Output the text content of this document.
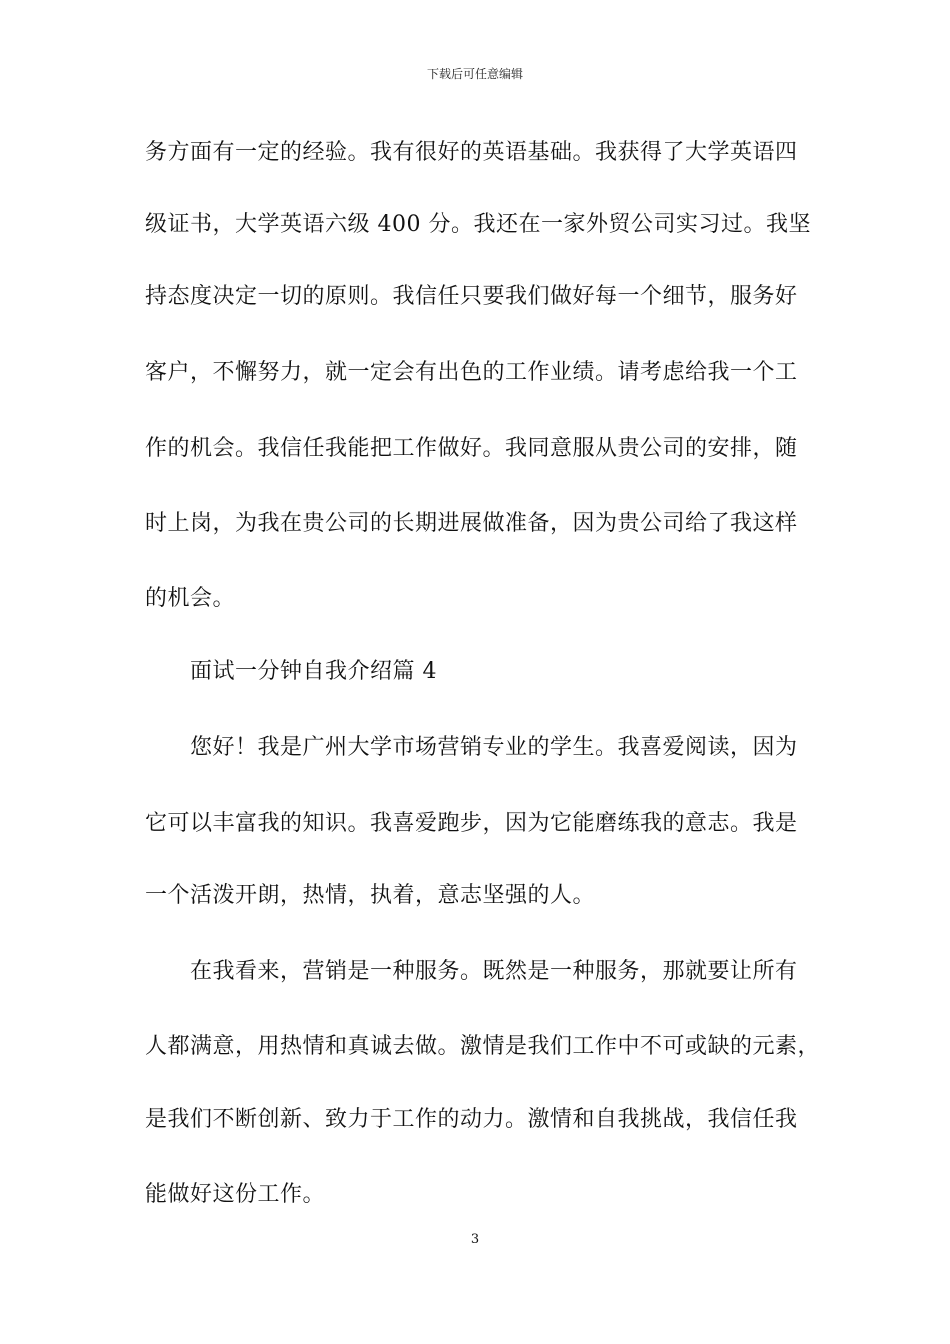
下载后可任意编辑
务方面有一定的经验。我有很好的英语基础。我获得了大学英语四
级证书，大学英语六级 400 分。我还在一家外贸公司实习过。我坚
持态度决定一切的原则。我信任只要我们做好每一个细节，服务好
客户，不懈努力，就一定会有出色的工作业绩。请考虑给我一个工
作的机会。我信任我能把工作做好。我同意服从贵公司的安排，随
时上岗，为我在贵公司的长期进展做准备，因为贵公司给了我这样
的机会。
面试一分钟自我介绍篇 4
您好！我是广州大学市场营销专业的学生。我喜爱阅读，因为
它可以丰富我的知识。我喜爱跑步，因为它能磨练我的意志。我是
一个活泼开朗，热情，执着，意志坚强的人。
在我看来，营销是一种服务。既然是一种服务，那就要让所有
人都满意，用热情和真诚去做。激情是我们工作中不可或缺的元素，
是我们不断创新、致力于工作的动力。激情和自我挑战，我信任我
能做好这份工作。
3
